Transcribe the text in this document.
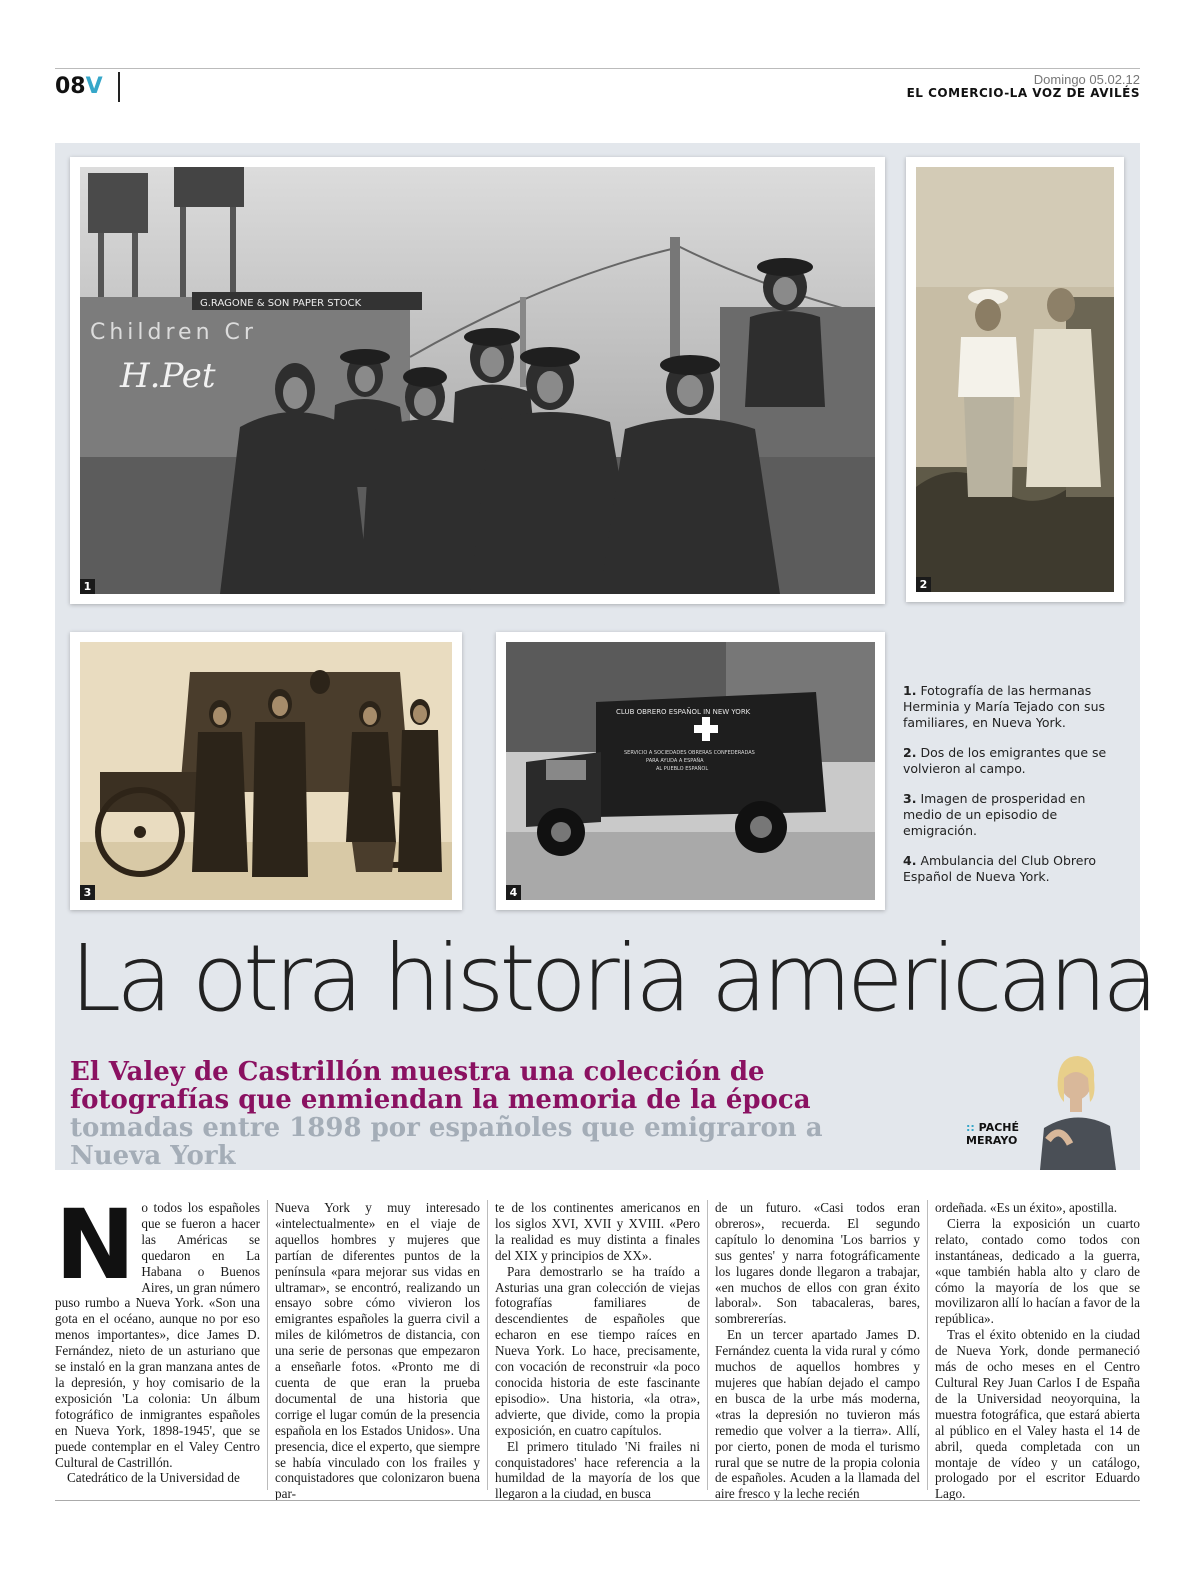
08V	Domingo 05.02.12
EL COMERCIO-LA VOZ DE AVILÉS
G.RAGONE & SON PAPER STOCK
Children Cr
H.Pet
1	2
3
CLUB OBRERO ESPAÑOL IN NEW YORK
SERVICIO A SOCIEDADES OBRERAS CONFEDERADAS
PARA AYUDA A ESPAÑA
AL PUEBLO ESPAÑOL
4

1. Fotografía de las hermanas Herminia y María Tejado con sus familiares, en Nueva York.

2. Dos de los emigrantes que se volvieron al campo.

3. Imagen de prosperidad en medio de un episodio de emigración.

4. Ambulancia del Club Obrero Español de Nueva York.

La otra historia americana
El Valey de Castrillón muestra una colección de fotografías que enmiendan la memoria de la época tomadas entre 1898 por españoles que emigraron a Nueva York
:: PACHÉ
MERAYO

No todos los españoles que se fueron a hacer las Américas se quedaron en La Habana o Buenos Aires, un gran número puso rumbo a Nueva York. «Son una gota en el océano, aunque no por eso menos importantes», dice James D. Fernández, nieto de un asturiano que se instaló en la gran manzana antes de la depresión, y hoy comisario de la exposición 'La colonia: Un álbum fotográfico de inmigrantes españoles en Nueva York, 1898-1945', que se puede contemplar en el Valey Centro Cultural de Castrillón.

Catedrático de la Universidad de

Nueva York y muy interesado «intelectualmente» en el viaje de aquellos hombres y mujeres que partían de diferentes puntos de la península «para mejorar sus vidas en ultramar», se encontró, realizando un ensayo sobre cómo vivieron los emigrantes españoles la guerra civil a miles de kilómetros de distancia, con una serie de personas que empezaron a enseñarle fotos. «Pronto me di cuenta de que eran la prueba documental de una historia que corrige el lugar común de la presencia española en los Estados Unidos». Una presencia, dice el experto, que siempre se había vinculado con los frailes y conquistadores que colonizaron buena par-

te de los continentes americanos en los siglos XVI, XVII y XVIII. «Pero la realidad es muy distinta a finales del XIX y principios de XX».

Para demostrarlo se ha traído a Asturias una gran colección de viejas fotografías familiares de descendientes de españoles que echaron en ese tiempo raíces en Nueva York. Lo hace, precisamente, con vocación de reconstruir «la poco conocida historia de este fascinante episodio». Una historia, «la otra», advierte, que divide, como la propia exposición, en cuatro capítulos.

El primero titulado 'Ni frailes ni conquistadores' hace referencia a la humildad de la mayoría de los que llegaron a la ciudad, en busca

de un futuro. «Casi todos eran obreros», recuerda. El segundo capítulo lo denomina 'Los barrios y sus gentes' y narra fotográficamente los lugares donde llegaron a trabajar, «en muchos de ellos con gran éxito laboral». Son tabacaleras, bares, sombrererías.

En un tercer apartado James D. Fernández cuenta la vida rural y cómo muchos de aquellos hombres y mujeres que habían dejado el campo en busca de la urbe más moderna, «tras la depresión no tuvieron más remedio que volver a la tierra». Allí, por cierto, ponen de moda el turismo rural que se nutre de la propia colonia de españoles. Acuden a la llamada del aire fresco y la leche recién

ordeñada. «Es un éxito», apostilla.

Cierra la exposición un cuarto relato, contado como todos con instantáneas, dedicado a la guerra, «que también habla alto y claro de cómo la mayoría de los que se movilizaron allí lo hacían a favor de la república».

Tras el éxito obtenido en la ciudad de Nueva York, donde permaneció más de ocho meses en el Centro Cultural Rey Juan Carlos I de España de la Universidad neoyorquina, la muestra fotográfica, que estará abierta al público en el Valey hasta el 14 de abril, queda completada con un montaje de vídeo y un catálogo, prologado por el escritor Eduardo Lago.
